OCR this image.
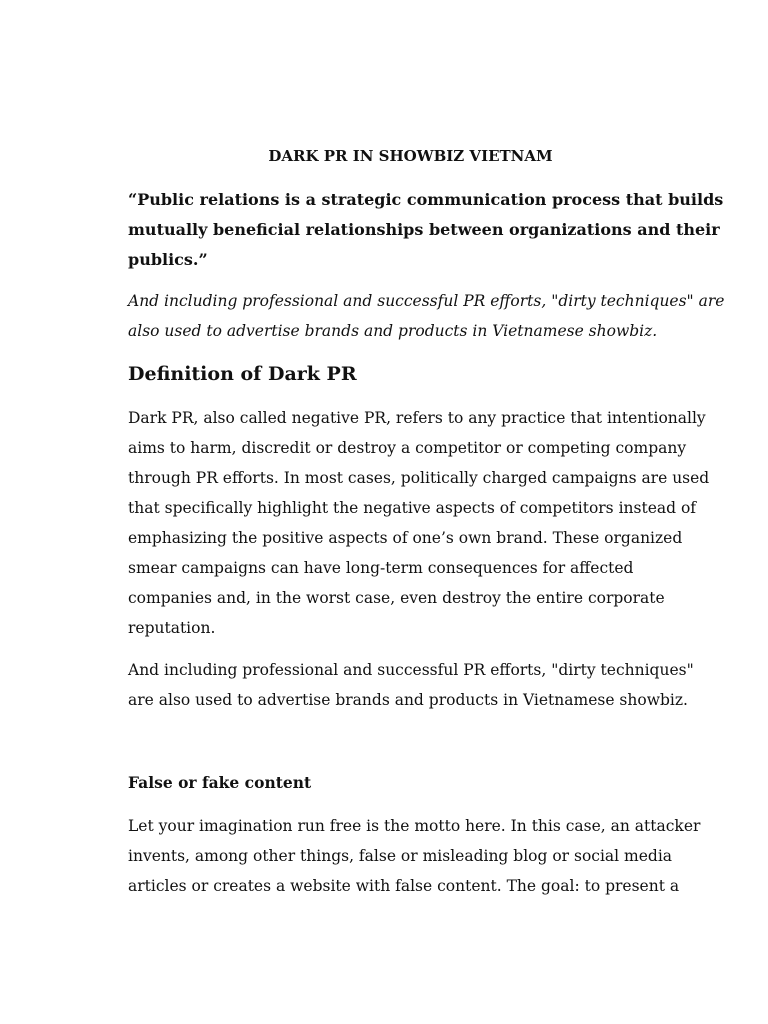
DARK PR IN SHOWBIZ VIETNAM

“Public relations is a strategic communication process that builds
mutually beneficial relationships between organizations and their
publics.”

And including professional and successful PR efforts, "dirty techniques" are
also used to advertise brands and products in Vietnamese showbiz.

Definition of Dark PR

Dark PR, also called negative PR, refers to any practice that intentionally
aims to harm, discredit or destroy a competitor or competing company
through PR efforts. In most cases, politically charged campaigns are used
that specifically highlight the negative aspects of competitors instead of
emphasizing the positive aspects of one’s own brand. These organized
smear campaigns can have long-term consequences for affected
companies and, in the worst case, even destroy the entire corporate
reputation.

And including professional and successful PR efforts, "dirty techniques"
are also used to advertise brands and products in Vietnamese showbiz.

False or fake content

Let your imagination run free is the motto here. In this case, an attacker
invents, among other things, false or misleading blog or social media
articles or creates a website with false content. The goal: to present a
